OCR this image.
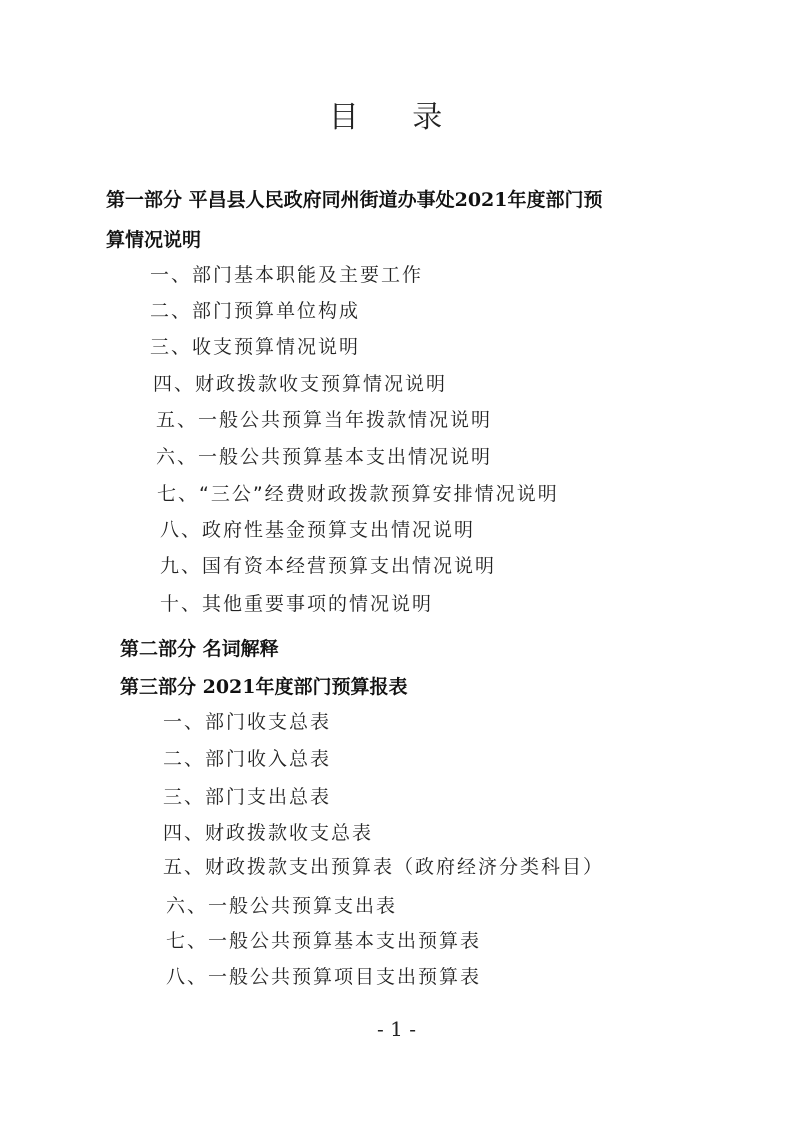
目 录
第一部分 平昌县人民政府同州街道办事处2021年度部门预
算情况说明
一、部门基本职能及主要工作
二、部门预算单位构成
三、收支预算情况说明
四、财政拨款收支预算情况说明
五、一般公共预算当年拨款情况说明
六、一般公共预算基本支出情况说明
七、“三公”经费财政拨款预算安排情况说明
八、政府性基金预算支出情况说明
九、国有资本经营预算支出情况说明
十、其他重要事项的情况说明
第二部分 名词解释
第三部分 2021年度部门预算报表
一、部门收支总表
二、部门收入总表
三、部门支出总表
四、财政拨款收支总表
五、财政拨款支出预算表（政府经济分类科目）
六、一般公共预算支出表
七、一般公共预算基本支出预算表
八、一般公共预算项目支出预算表
- 1 -
